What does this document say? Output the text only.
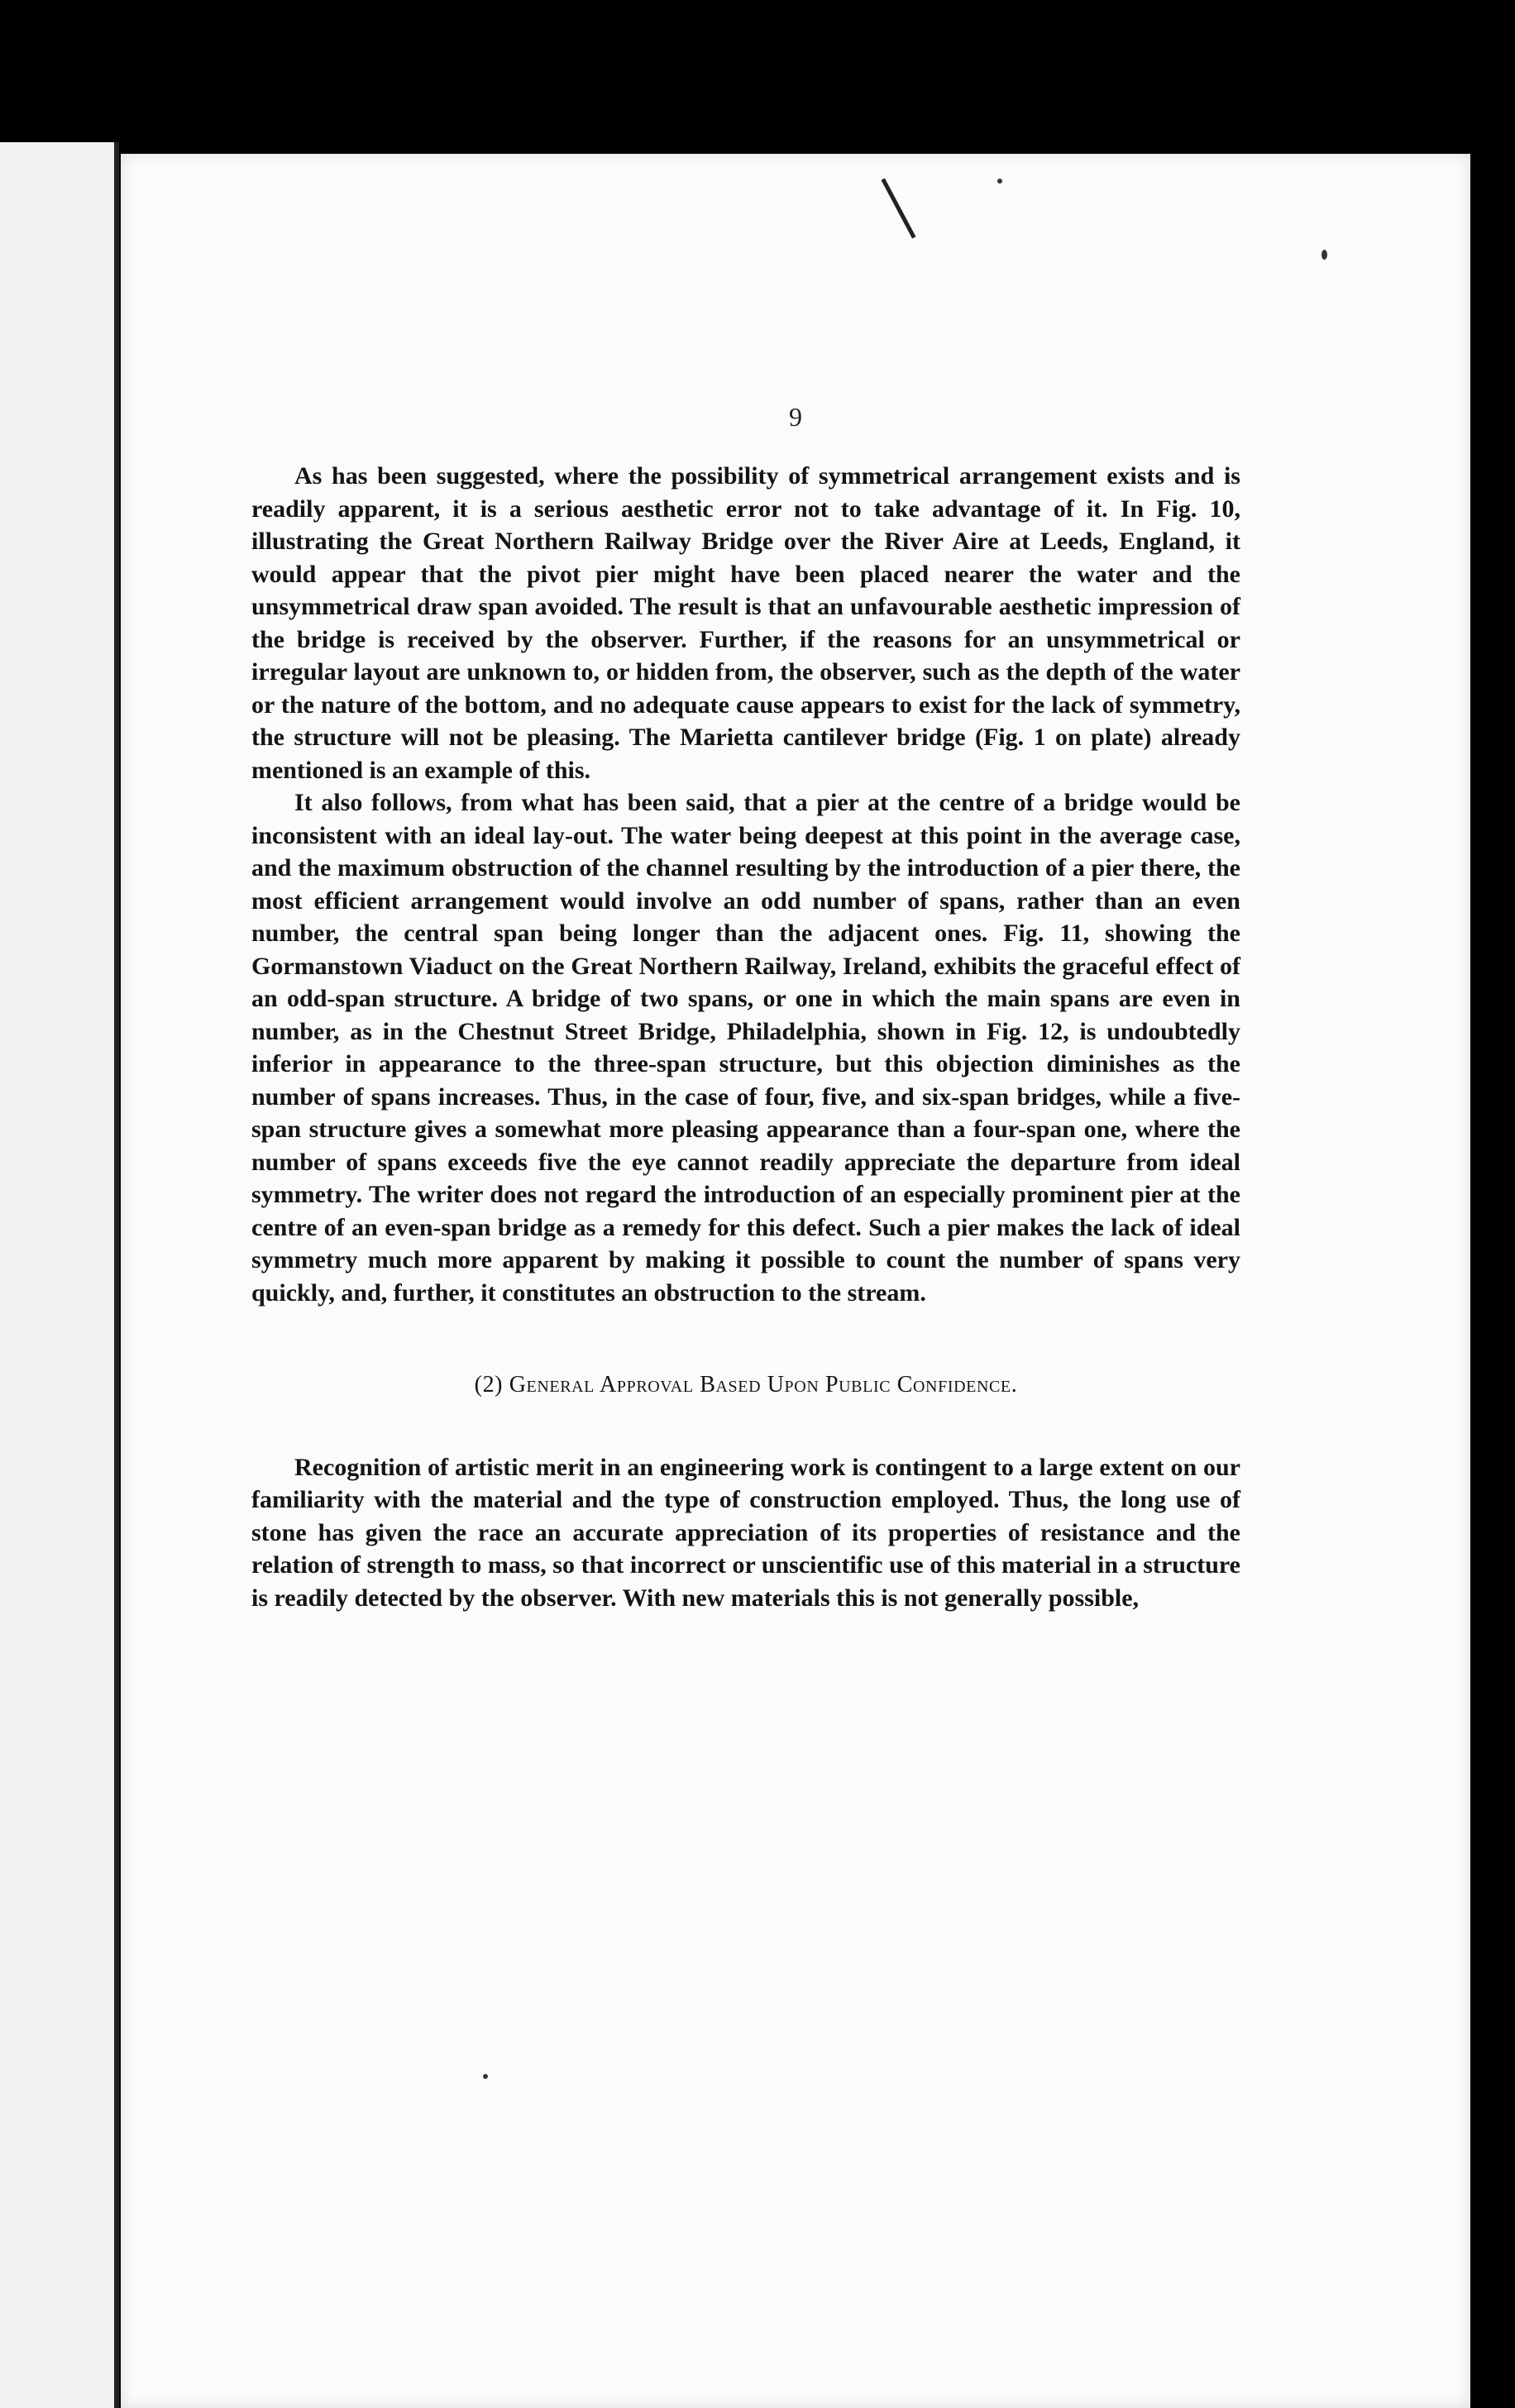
9

As has been suggested, where the possibility of symmetrical arrangement exists and is readily apparent, it is a serious aesthetic error not to take advantage of it. In Fig. 10, illustrating the Great Northern Railway Bridge over the River Aire at Leeds, England, it would appear that the pivot pier might have been placed nearer the water and the unsymmetrical draw span avoided. The result is that an unfavourable aesthetic impression of the bridge is received by the observer. Further, if the reasons for an unsymmetrical or irregular layout are unknown to, or hidden from, the observer, such as the depth of the water or the nature of the bottom, and no adequate cause appears to exist for the lack of symmetry, the structure will not be pleasing. The Marietta cantilever bridge (Fig. 1 on plate) already mentioned is an example of this.

It also follows, from what has been said, that a pier at the centre of a bridge would be inconsistent with an ideal lay-out. The water being deepest at this point in the average case, and the maximum obstruction of the channel resulting by the introduction of a pier there, the most efficient arrangement would involve an odd number of spans, rather than an even number, the central span being longer than the adjacent ones. Fig. 11, showing the Gormanstown Viaduct on the Great Northern Railway, Ireland, exhibits the graceful effect of an odd-span structure. A bridge of two spans, or one in which the main spans are even in number, as in the Chestnut Street Bridge, Philadelphia, shown in Fig. 12, is undoubtedly inferior in appearance to the three-span structure, but this objection diminishes as the number of spans increases. Thus, in the case of four, five, and six-span bridges, while a five-span structure gives a somewhat more pleasing appearance than a four-span one, where the number of spans exceeds five the eye cannot readily appreciate the departure from ideal symmetry. The writer does not regard the introduction of an especially prominent pier at the centre of an even-span bridge as a remedy for this defect. Such a pier makes the lack of ideal symmetry much more apparent by making it possible to count the number of spans very quickly, and, further, it constitutes an obstruction to the stream.

(2) General Approval Based Upon Public Confidence.

Recognition of artistic merit in an engineering work is contingent to a large extent on our familiarity with the material and the type of construction employed. Thus, the long use of stone has given the race an accurate appreciation of its properties of resistance and the relation of strength to mass, so that incorrect or unscientific use of this material in a structure is readily detected by the observer. With new materials this is not generally possible,
